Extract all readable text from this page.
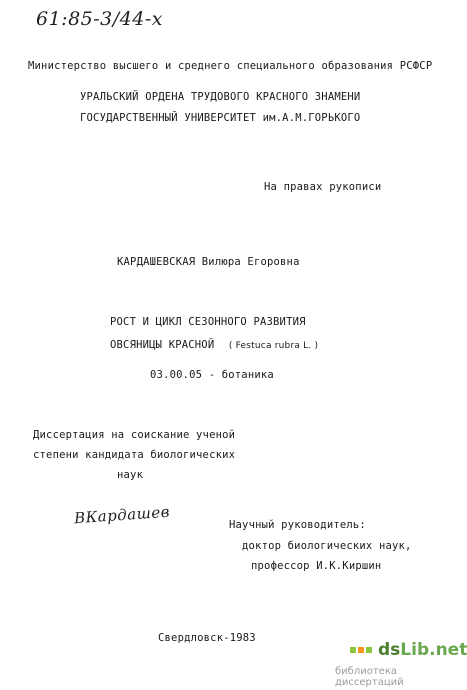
61:85-3/44-х
Министерство высшего и среднего специального образования РСФСР
УРАЛЬСКИЙ ОРДЕНА ТРУДОВОГО КРАСНОГО ЗНАМЕНИ
ГОСУДАРСТВЕННЫЙ УНИВЕРСИТЕТ им.А.М.ГОРЬКОГО
На правах рукописи
КАРДАШЕВСКАЯ Вилюра Егоровна
РОСТ И ЦИКЛ СЕЗОННОГО РАЗВИТИЯ
ОВСЯНИЦЫ КРАСНОЙ ( Festuca rubra L. )
03.00.05 - ботаника
Диссертация на соискание ученой
степени кандидата биологических
наук
ВКардашев	Научный руководитель:
доктор биологических наук,
профессор И.К.Киршин
Свердловск-1983
dsLib.net
библиотека диссертаций
